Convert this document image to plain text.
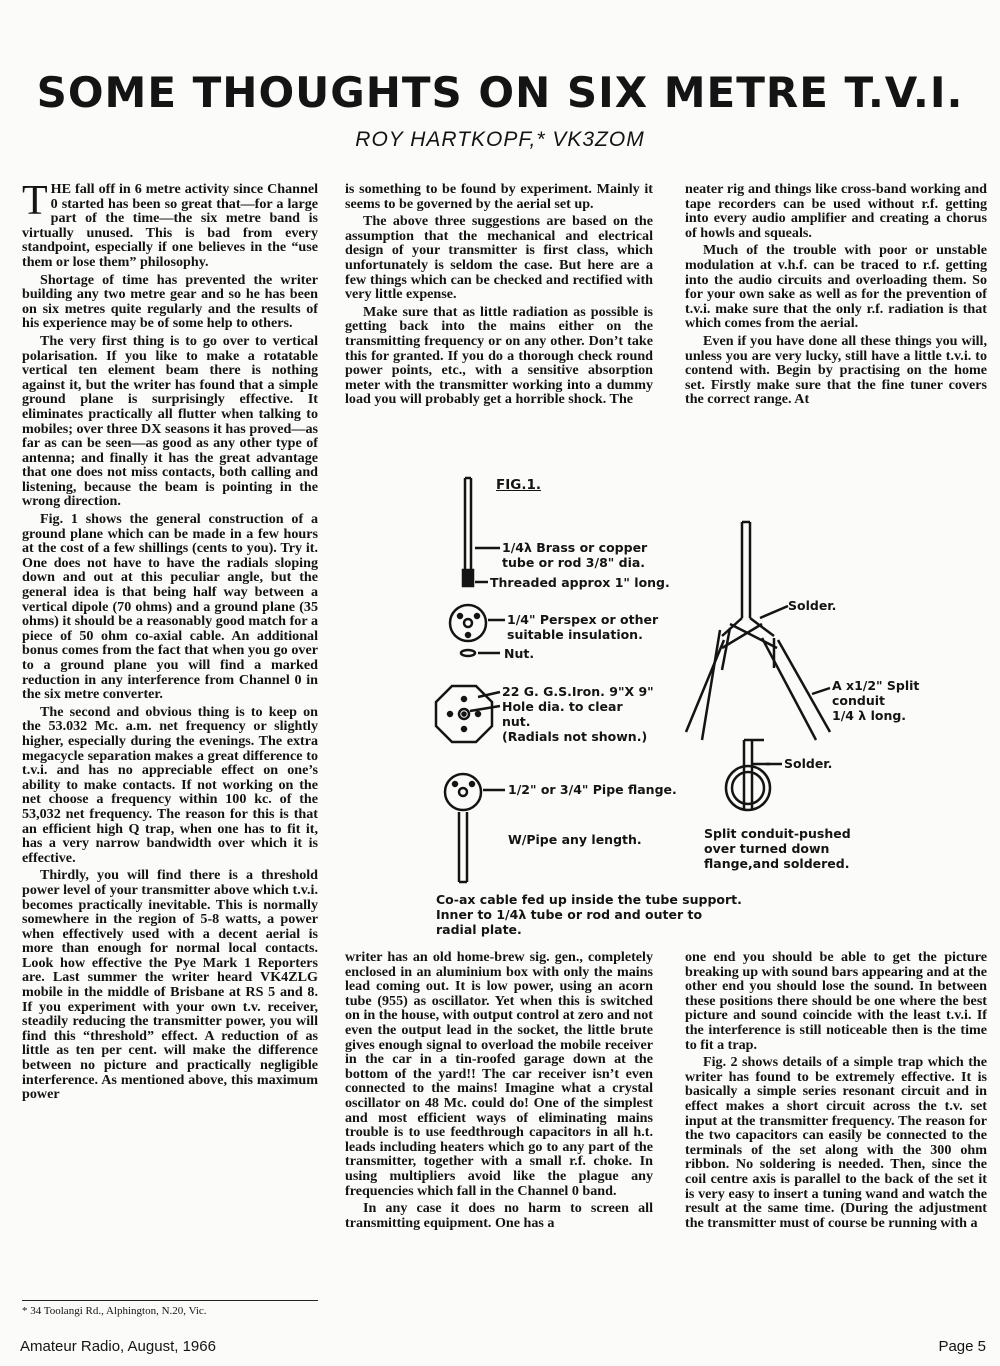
SOME THOUGHTS ON SIX METRE T.V.I.
ROY HARTKOPF,* VK3ZOM

THE fall off in 6 metre activity since Channel 0 started has been so great that—for a large part of the time—the six metre band is virtually unused. This is bad from every standpoint, especially if one believes in the “use them or lose them” philosophy.

Shortage of time has prevented the writer building any two metre gear and so he has been on six metres quite regularly and the results of his experience may be of some help to others.

The very first thing is to go over to vertical polarisation. If you like to make a rotatable vertical ten element beam there is nothing against it, but the writer has found that a simple ground plane is surprisingly effective. It eliminates practically all flutter when talking to mobiles; over three DX seasons it has proved—as far as can be seen—as good as any other type of antenna; and finally it has the great advantage that one does not miss contacts, both calling and listening, because the beam is pointing in the wrong direction.

Fig. 1 shows the general construction of a ground plane which can be made in a few hours at the cost of a few shillings (cents to you). Try it. One does not have to have the radials sloping down and out at this peculiar angle, but the general idea is that being half way between a vertical dipole (70 ohms) and a ground plane (35 ohms) it should be a reasonably good match for a piece of 50 ohm co-axial cable. An additional bonus comes from the fact that when you go over to a ground plane you will find a marked reduction in any interference from Channel 0 in the six metre converter.

The second and obvious thing is to keep on the 53.032 Mc. a.m. net frequency or slightly higher, especially during the evenings. The extra megacycle separation makes a great difference to t.v.i. and has no appreciable effect on one’s ability to make contacts. If not working on the net choose a frequency within 100 kc. of the 53,032 net frequency. The reason for this is that an efficient high Q trap, when one has to fit it, has a very narrow bandwidth over which it is effective.

Thirdly, you will find there is a threshold power level of your transmitter above which t.v.i. becomes practically inevitable. This is normally somewhere in the region of 5-8 watts, a power when effectively used with a decent aerial is more than enough for normal local contacts. Look how effective the Pye Mark 1 Reporters are. Last summer the writer heard VK4ZLG mobile in the middle of Brisbane at RS 5 and 8. If you experiment with your own t.v. receiver, steadily reducing the transmitter power, you will find this “threshold” effect. A reduction of as little as ten per cent. will make the difference between no picture and practically negligible interference. As mentioned above, this maximum power

is something to be found by experiment. Mainly it seems to be governed by the aerial set up.

The above three suggestions are based on the assumption that the mechanical and electrical design of your transmitter is first class, which unfortunately is seldom the case. But here are a few things which can be checked and rectified with very little expense.

Make sure that as little radiation as possible is getting back into the mains either on the transmitting frequency or on any other. Don’t take this for granted. If you do a thorough check round power points, etc., with a sensitive absorption meter with the transmitter working into a dummy load you will probably get a horrible shock. The

neater rig and things like cross-band working and tape recorders can be used without r.f. getting into every audio amplifier and creating a chorus of howls and squeals.

Much of the trouble with poor or unstable modulation at v.h.f. can be traced to r.f. getting into the audio circuits and overloading them. So for your own sake as well as for the prevention of t.v.i. make sure that the only r.f. radiation is that which comes from the aerial.

Even if you have done all these things you will, unless you are very lucky, still have a little t.v.i. to contend with. Begin by practising on the home set. Firstly make sure that the fine tuner covers the correct range. At

FIG.1.
1/4λ Brass or copper
tube or rod 3/8" dia.
Threaded approx 1" long.
1/4" Perspex or other
suitable insulation.
Nut.
22 G. G.S.Iron. 9"X 9"
Hole dia. to clear
nut.
(Radials not shown.)
1/2" or 3/4" Pipe flange.
W/Pipe any length.
Solder.
A x1/2" Split
conduit
1/4 λ long.
Solder.
Split conduit-pushed
over turned down
flange,and soldered.
Co-ax cable fed up inside the tube support.
Inner to 1/4λ tube or rod and outer to
radial plate.

writer has an old home-brew sig. gen., completely enclosed in an aluminium box with only the mains lead coming out. It is low power, using an acorn tube (955) as oscillator. Yet when this is switched on in the house, with output control at zero and not even the output lead in the socket, the little brute gives enough signal to overload the mobile receiver in the car in a tin-roofed garage down at the bottom of the yard!! The car receiver isn’t even connected to the mains! Imagine what a crystal oscillator on 48 Mc. could do! One of the simplest and most efficient ways of eliminating mains trouble is to use feedthrough capacitors in all h.t. leads including heaters which go to any part of the transmitter, together with a small r.f. choke. In using multipliers avoid like the plague any frequencies which fall in the Channel 0 band.

In any case it does no harm to screen all transmitting equipment. One has a

one end you should be able to get the picture breaking up with sound bars appearing and at the other end you should lose the sound. In between these positions there should be one where the best picture and sound coincide with the least t.v.i. If the interference is still noticeable then is the time to fit a trap.

Fig. 2 shows details of a simple trap which the writer has found to be extremely effective. It is basically a simple series resonant circuit and in effect makes a short circuit across the t.v. set input at the transmitter frequency. The reason for the two capacitors can easily be connected to the terminals of the set along with the 300 ohm ribbon. No soldering is needed. Then, since the coil centre axis is parallel to the back of the set it is very easy to insert a tuning wand and watch the result at the same time. (During the adjustment the transmitter must of course be running with a

* 34 Toolangi Rd., Alphington, N.20, Vic.
Amateur Radio, August, 1966	Page 5
